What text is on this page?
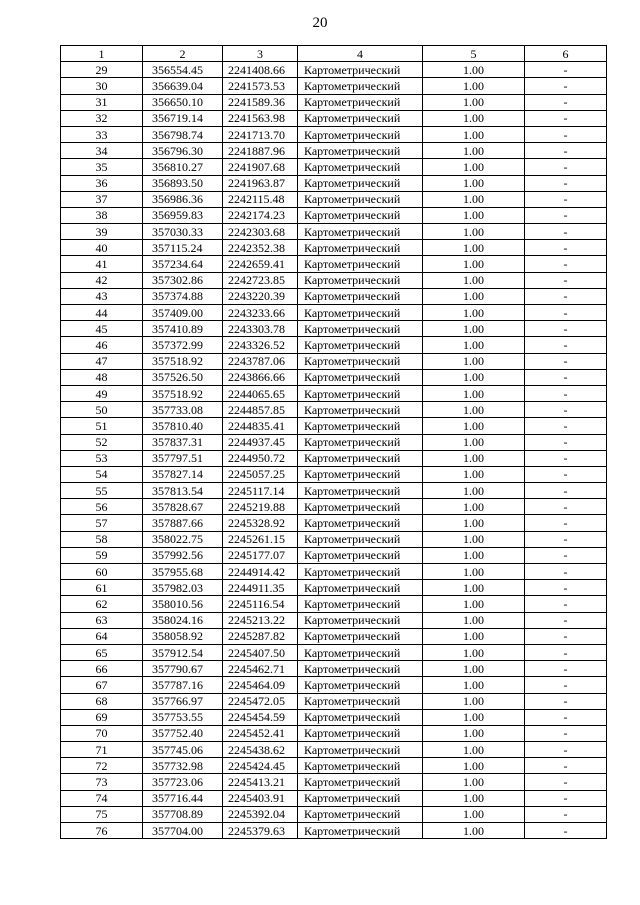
20
1	2	3	4	5	6
29	356554.45	2241408.66	Картометрический	1.00	-
30	356639.04	2241573.53	Картометрический	1.00	-
31	356650.10	2241589.36	Картометрический	1.00	-
32	356719.14	2241563.98	Картометрический	1.00	-
33	356798.74	2241713.70	Картометрический	1.00	-
34	356796.30	2241887.96	Картометрический	1.00	-
35	356810.27	2241907.68	Картометрический	1.00	-
36	356893.50	2241963.87	Картометрический	1.00	-
37	356986.36	2242115.48	Картометрический	1.00	-
38	356959.83	2242174.23	Картометрический	1.00	-
39	357030.33	2242303.68	Картометрический	1.00	-
40	357115.24	2242352.38	Картометрический	1.00	-
41	357234.64	2242659.41	Картометрический	1.00	-
42	357302.86	2242723.85	Картометрический	1.00	-
43	357374.88	2243220.39	Картометрический	1.00	-
44	357409.00	2243233.66	Картометрический	1.00	-
45	357410.89	2243303.78	Картометрический	1.00	-
46	357372.99	2243326.52	Картометрический	1.00	-
47	357518.92	2243787.06	Картометрический	1.00	-
48	357526.50	2243866.66	Картометрический	1.00	-
49	357518.92	2244065.65	Картометрический	1.00	-
50	357733.08	2244857.85	Картометрический	1.00	-
51	357810.40	2244835.41	Картометрический	1.00	-
52	357837.31	2244937.45	Картометрический	1.00	-
53	357797.51	2244950.72	Картометрический	1.00	-
54	357827.14	2245057.25	Картометрический	1.00	-
55	357813.54	2245117.14	Картометрический	1.00	-
56	357828.67	2245219.88	Картометрический	1.00	-
57	357887.66	2245328.92	Картометрический	1.00	-
58	358022.75	2245261.15	Картометрический	1.00	-
59	357992.56	2245177.07	Картометрический	1.00	-
60	357955.68	2244914.42	Картометрический	1.00	-
61	357982.03	2244911.35	Картометрический	1.00	-
62	358010.56	2245116.54	Картометрический	1.00	-
63	358024.16	2245213.22	Картометрический	1.00	-
64	358058.92	2245287.82	Картометрический	1.00	-
65	357912.54	2245407.50	Картометрический	1.00	-
66	357790.67	2245462.71	Картометрический	1.00	-
67	357787.16	2245464.09	Картометрический	1.00	-
68	357766.97	2245472.05	Картометрический	1.00	-
69	357753.55	2245454.59	Картометрический	1.00	-
70	357752.40	2245452.41	Картометрический	1.00	-
71	357745.06	2245438.62	Картометрический	1.00	-
72	357732.98	2245424.45	Картометрический	1.00	-
73	357723.06	2245413.21	Картометрический	1.00	-
74	357716.44	2245403.91	Картометрический	1.00	-
75	357708.89	2245392.04	Картометрический	1.00	-
76	357704.00	2245379.63	Картометрический	1.00	-
